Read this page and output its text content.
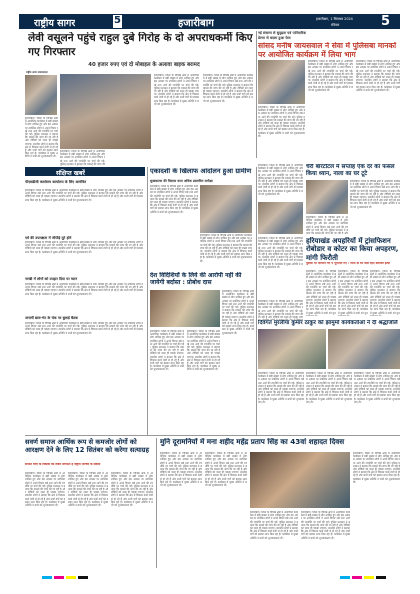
राष्ट्रीय सागर	5	हजारीबाग	हजारीबाग, 1 सितम्बर 2024
रविवार	5
लेवी वसूलने पहुंचे राहुल दुबे गिरोह के दो अपराधकर्मी किए गए गिरफ्तार
40 हजार रुपए एवं दो मोबाइल के अलावा बाइक बरामद
नई संकल्प से सुदृढ़ता एवं पारिवारिक प्रेरणा से बदला हुआ फेस
सांसद मनीष जायसवाल ने सेवा में पुलिसबा मानकों पर आयोजित कार्यक्रम में लिया भाग
राष्ट्रीय सागर संवाददाता
हजारीबाग। जिला के विभिन्न क्षेत्रों में आयोजित कार्यक्रम में बड़ी संख्या में लोग शामिल हुए और इस अवसर पर उपस्थित लोगों ने अपने विचार रखे तथा आगे की रणनीति पर चर्चा की गई। पुलिस प्रशासन ने बताया कि मामले की जांच की जा रही है और दोषियों को जल्द ही पकड़ा जाएगा। स्थानीय लोगों ने बताया कि क्षेत्र में विकास कार्य तेजी से हो रहे हैं और सभी वर्गों को इसका लाभ मिल रहा है। कार्यक्रम में मुख्य अतिथि ने सभी को शुभकामनाएं दीं।
हजारीबाग। जिला के विभिन्न क्षेत्रों में आयोजित कार्यक्रम में बड़ी संख्या में लोग शामिल हुए और इस अवसर पर उपस्थित लोगों ने अपने विचार रखे तथा आगे की रणनीति पर चर्चा की गई। पुलिस प्रशासन ने बताया कि मामले की जांच की
हजारीबाग। जिला के विभिन्न क्षेत्रों में आयोजित कार्यक्रम में बड़ी संख्या में लोग शामिल हुए और इस अवसर पर उपस्थित लोगों ने अपने विचार रखे तथा आगे की रणनीति पर चर्चा की गई। पुलिस प्रशासन ने बताया कि मामले की जांच की जा रही है और दोषियों को जल्द ही पकड़ा जाएगा। स्थानीय लोगों ने बताया कि क्षेत्र में विकास कार्य तेजी से हो रहे हैं और सभी वर्गों को इसका लाभ मिल रहा है। कार्यक्रम में मुख्य अतिथि ने सभी को शुभकामनाएं दीं।
हजारीबाग। जिला के विभिन्न क्षेत्रों में आयोजित कार्यक्रम में बड़ी संख्या में लोग शामिल हुए और इस अवसर पर उपस्थित लोगों ने अपने विचार रखे तथा आगे की रणनीति पर चर्चा की गई। पुलिस प्रशासन ने बताया कि मामले की जांच की जा रही है और दोषियों को जल्द ही पकड़ा जाएगा। स्थानीय लोगों ने बताया कि क्षेत्र में विकास कार्य तेजी से हो रहे हैं और सभी वर्गों को इसका लाभ मिल रहा है। कार्यक्रम में मुख्य अतिथि ने सभी को शुभकामनाएं दीं।
हजारीबाग। जिला के विभिन्न क्षेत्रों में आयोजित कार्यक्रम में बड़ी संख्या में लोग शामिल हुए और इस अवसर पर उपस्थित लोगों ने अपने विचार रखे तथा आगे की रणनीति पर चर्चा की गई। पुलिस प्रशासन ने बताया कि मामले की जांच की जा रही है और दोषियों को जल्द ही पकड़ा जाएगा। स्थानीय लोगों ने बताया कि क्षेत्र में विकास कार्य तेजी से हो रहे हैं और सभी वर्गों को इसका लाभ मिल रहा है। कार्यक्रम में मुख्य अतिथि ने सभी को शुभकामनाएं दीं।
हजारीबाग। जिला के विभिन्न क्षेत्रों में आयोजित कार्यक्रम में बड़ी संख्या में लोग शामिल हुए और इस अवसर पर उपस्थित लोगों ने अपने विचार रखे तथा आगे की रणनीति पर चर्चा की गई। पुलिस प्रशासन ने बताया कि मामले की जांच की जा रही है और दोषियों को जल्द ही पकड़ा जाएगा। स्थानीय लोगों ने बताया कि क्षेत्र में विकास कार्य तेजी से हो रहे हैं और सभी वर्गों को इसका लाभ मिल रहा है। कार्यक्रम में मुख्य अतिथि ने सभी को शुभकामनाएं दीं।
हजारीबाग। जिला के विभिन्न क्षेत्रों में आयोजित कार्यक्रम में बड़ी संख्या में लोग शामिल हुए और इस अवसर पर उपस्थित लोगों ने अपने विचार रखे तथा आगे की रणनीति पर चर्चा की गई। पुलिस प्रशासन ने बताया कि मामले की जांच की जा रही है और दोषियों को जल्द ही पकड़ा जाएगा। स्थानीय लोगों ने बताया कि क्षेत्र में विकास कार्य तेजी से हो रहे हैं और सभी वर्गों को इसका लाभ मिल रहा है। कार्यक्रम में मुख्य अतिथि ने सभी को शुभकामनाएं दीं।
संक्षिप्त खबरें
पीएसडीसी कार्यालय कार्यालय के लिए आमंत्रित
हजारीबाग। जिला के विभिन्न क्षेत्रों में आयोजित कार्यक्रम में बड़ी संख्या में लोग शामिल हुए और इस अवसर पर उपस्थित लोगों ने अपने विचार रखे तथा आगे की रणनीति पर चर्चा की गई। पुलिस प्रशासन ने बताया कि मामले की जांच की जा रही है और दोषियों को जल्द ही पकड़ा जाएगा। स्थानीय लोगों ने बताया कि क्षेत्र में विकास कार्य तेजी से हो रहे हैं और सभी वर्गों को इसका लाभ मिल रहा है। कार्यक्रम में मुख्य अतिथि ने सभी को शुभकामनाएं दीं।
पर्व की उपलक्षता में जीपीई तूटे होने
हजारीबाग। जिला के विभिन्न क्षेत्रों में आयोजित कार्यक्रम में बड़ी संख्या में लोग शामिल हुए और इस अवसर पर उपस्थित लोगों ने अपने विचार रखे तथा आगे की रणनीति पर चर्चा की गई। पुलिस प्रशासन ने बताया कि मामले की जांच की जा रही है और दोषियों को जल्द ही पकड़ा जाएगा। स्थानीय लोगों ने बताया कि क्षेत्र में विकास कार्य तेजी से हो रहे हैं और सभी वर्गों को इसका लाभ मिल रहा है। कार्यक्रम में मुख्य अतिथि ने सभी को शुभकामनाएं दीं।
नरखी में लोगों को उपहार दिया पर ध्यान
हजारीबाग। जिला के विभिन्न क्षेत्रों में आयोजित कार्यक्रम में बड़ी संख्या में लोग शामिल हुए और इस अवसर पर उपस्थित लोगों ने अपने विचार रखे तथा आगे की रणनीति पर चर्चा की गई। पुलिस प्रशासन ने बताया कि मामले की जांच की जा रही है और दोषियों को जल्द ही पकड़ा जाएगा। स्थानीय लोगों ने बताया कि क्षेत्र में विकास कार्य तेजी से हो रहे हैं और सभी वर्गों को इसका लाभ मिल रहा है। कार्यक्रम में मुख्य अतिथि ने सभी को शुभकामनाएं दीं।
अनामी छात्र-भेट के चेक पर बुलाई बैठक
हजारीबाग। जिला के विभिन्न क्षेत्रों में आयोजित कार्यक्रम में बड़ी संख्या में लोग शामिल हुए और इस अवसर पर उपस्थित लोगों ने अपने विचार रखे तथा आगे की रणनीति पर चर्चा की गई। पुलिस प्रशासन ने बताया कि मामले की जांच की जा रही है और दोषियों को जल्द ही पकड़ा जाएगा। स्थानीय लोगों ने बताया कि क्षेत्र में विकास कार्य तेजी से हो रहे हैं और सभी वर्गों को इसका लाभ मिल रहा है। कार्यक्रम में मुख्य अतिथि ने सभी को शुभकामनाएं दीं।
एकादशी के खिलाफ आंदोलन हुआ ग्रामीण
सुखकारक की विकास काम अधिक प्रस्तावित समीक्षा
हजारीबाग। जिला के विभिन्न क्षेत्रों में आयोजित कार्यक्रम में बड़ी संख्या में लोग शामिल हुए और इस अवसर पर उपस्थित लोगों ने अपने विचार रखे तथा आगे की रणनीति पर चर्चा की गई। पुलिस प्रशासन ने बताया कि मामले की जांच की जा रही है और दोषियों को जल्द ही पकड़ा जाएगा। स्थानीय लोगों ने बताया कि क्षेत्र में विकास कार्य तेजी से हो रहे हैं और सभी वर्गों को इसका लाभ मिल रहा है। कार्यक्रम में मुख्य अतिथि ने सभी को शुभकामनाएं दीं।
हजारीबाग। जिला के विभिन्न क्षेत्रों में आयोजित कार्यक्रम में बड़ी संख्या में लोग शामिल हुए और इस अवसर पर उपस्थित लोगों ने अपने विचार रखे तथा आगे की रणनीति पर चर्चा की गई। पुलिस प्रशासन ने बताया कि मामले की जांच की जा रही है और दोषियों को जल्द ही पकड़ा जाएगा। स्थानीय लोगों ने बताया कि क्षेत्र में विकास कार्य तेजी से हो रहे हैं और सभी वर्गों को इसका लाभ मिल रहा है। कार्यक्रम में मुख्य अतिथि ने सभी को शुभकामनाएं दीं।
देश विदिशियों के लिये की आरोपी नहीं की जायेगी बर्दास्त : प्रोबोध दास
हजारीबाग। जिला के विभिन्न क्षेत्रों में आयोजित कार्यक्रम में बड़ी संख्या में लोग शामिल हुए और इस अवसर पर उपस्थित लोगों ने अपने विचार रखे तथा आगे की रणनीति पर चर्चा की गई। पुलिस प्रशासन ने बताया कि मामले की जांच की जा रही है और दोषियों को जल्द ही पकड़ा जाएगा। स्थानीय लोगों ने बताया कि क्षेत्र में विकास कार्य तेजी से हो रहे हैं और सभी वर्गों को इसका लाभ मिल रहा है। कार्यक्रम में मुख्य अतिथि ने सभी को शुभकामनाएं दीं।
हजारीबाग। जिला के विभिन्न क्षेत्रों में आयोजित कार्यक्रम में बड़ी संख्या में लोग शामिल हुए और इस अवसर पर उपस्थित लोगों ने अपने विचार रखे तथा आगे की रणनीति पर चर्चा की गई। पुलिस प्रशासन ने बताया कि मामले की जांच की जा रही है और दोषियों को जल्द ही पकड़ा जाएगा। स्थानीय लोगों ने बताया कि क्षेत्र में विकास कार्य तेजी से हो रहे हैं और सभी वर्गों को इसका लाभ मिल रहा है। कार्यक्रम में मुख्य अतिथि ने सभी को शुभकामनाएं दीं।
हजारीबाग। जिला के विभिन्न क्षेत्रों में आयोजित कार्यक्रम में बड़ी संख्या में लोग शामिल हुए और इस अवसर पर उपस्थित लोगों ने अपने विचार रखे तथा आगे की रणनीति पर चर्चा की गई। पुलिस प्रशासन ने बताया कि मामले की जांच की जा रही है और दोषियों को जल्द ही पकड़ा जाएगा। स्थानीय लोगों ने बताया कि क्षेत्र में विकास कार्य तेजी से हो रहे हैं और सभी वर्गों को इसका लाभ मिल रहा है। कार्यक्रम में मुख्य अतिथि ने सभी को शुभकामनाएं दीं।
हजारीबाग। जिला के विभिन्न क्षेत्रों में आयोजित कार्यक्रम में बड़ी संख्या में लोग शामिल हुए और इस अवसर पर उपस्थित लोगों ने अपने विचार रखे तथा आगे की रणनीति पर चर्चा की गई। पुलिस प्रशासन ने बताया कि मामले की जांच की जा रही है और दोषियों को जल्द ही पकड़ा जाएगा। स्थानीय लोगों ने बताया कि क्षेत्र में विकास कार्य तेजी से हो रहे हैं और सभी वर्गों को इसका लाभ मिल रहा है। कार्यक्रम में मुख्य अतिथि ने सभी को शुभकामनाएं दीं।
चेरी बारटोटल में सप्ताह ऐक दर का फसल किया ध्यान, नाला का घर टूटे
हजारीबाग। जिला के विभिन्न क्षेत्रों में आयोजित कार्यक्रम में बड़ी संख्या में लोग शामिल हुए और इस अवसर पर उपस्थित लोगों ने अपने विचार रखे तथा आगे की रणनीति पर चर्चा की गई। पुलिस प्रशासन ने बताया कि मामले की जांच की जा रही है और दोषियों को जल्द ही पकड़ा जाएगा। स्थानीय लोगों ने बताया कि क्षेत्र में विकास कार्य तेजी से हो रहे हैं और सभी वर्गों को इसका लाभ मिल रहा है। कार्यक्रम में मुख्य अतिथि ने सभी को शुभकामनाएं दीं।
हजारीबाग। जिला के विभिन्न क्षेत्रों में आयोजित कार्यक्रम में बड़ी संख्या में लोग शामिल हुए और इस अवसर पर उपस्थित लोगों ने अपने विचार रखे तथा आगे की रणनीति पर चर्चा की गई। पुलिस प्रशासन ने बताया कि मामले की जांच की जा रही है और
हरियाखंड अपहरियों में ट्रांसफिशन रोबोडार व कोटर का किया अपहरण, मांगी फिरौती
पुलिस भी परिजन गए पे भुगतान गए : रमेश के घर वाले रहत कराकर हत्या
हजारीबाग। जिला के विभिन्न क्षेत्रों में आयोजित कार्यक्रम में बड़ी संख्या में लोग शामिल हुए और इस अवसर पर उपस्थित लोगों ने अपने विचार रखे तथा आगे की रणनीति पर चर्चा की गई। पुलिस प्रशासन ने बताया कि मामले की जांच की जा रही है और दोषियों को जल्द ही पकड़ा जाएगा। स्थानीय लोगों ने बताया कि क्षेत्र में विकास कार्य तेजी से हो रहे हैं और सभी वर्गों को इसका लाभ मिल रहा है। कार्यक्रम में मुख्य अतिथि ने सभी को शुभकामनाएं दीं।
हजारीबाग। जिला के विभिन्न क्षेत्रों में आयोजित कार्यक्रम में बड़ी संख्या में लोग शामिल हुए और इस अवसर पर उपस्थित लोगों ने अपने विचार रखे तथा आगे की रणनीति पर चर्चा की गई। पुलिस प्रशासन ने बताया कि मामले की जांच की जा रही है और दोषियों को जल्द ही पकड़ा जाएगा। स्थानीय लोगों ने बताया कि क्षेत्र में विकास कार्य तेजी से हो रहे हैं और सभी वर्गों को इसका लाभ मिल रहा है। कार्यक्रम में मुख्य अतिथि ने सभी को शुभ
हजारीबाग। जिला के विभिन्न क्षेत्रों में आयोजित कार्यक्रम में बड़ी संख्या में लोग शामिल हुए और इस अवसर पर उपस्थित लोगों ने अपने विचार रखे तथा आगे की रणनीति पर चर्चा की गई। पुलिस प्रशासन ने बताया कि मामले की जांच की जा रही है और दोषियों को जल्द ही पकड़ा जाएगा। स्थानीय लोगों ने बताया कि क्षेत्र में विकास कार्य तेजी से हो रहे हैं और सभी वर्गों को इसका लाभ मिल रहा है। कार्यक्रम में मुख्य अतिथि ने सभी को शुभ
हजारीबाग। जिला के विभिन्न क्षेत्रों में आयोजित कार्यक्रम में बड़ी संख्या में लोग शामिल हुए और इस अवसर पर उपस्थित लोगों ने अपने विचार रखे तथा आगे की रणनीति पर चर्चा की गई। पुलिस प्रशासन ने बताया कि मामले की जांच की जा रही है और दोषियों को जल्द ही पकड़ा जाएगा। स्थानीय लोगों ने बताया कि क्षेत्र में विकास कार्य तेजी से हो रहे हैं और सभी वर्गों को इसका लाभ मिल रहा है। कार्यक्रम में मुख्य अतिथि ने सभी को शुभ
हजारीबाग। जिला के विभिन्न क्षेत्रों में आयोजित कार्यक्रम में बड़ी संख्या में लोग शामिल हुए और इस अवसर पर उपस्थित लोगों ने अपने विचार रखे तथा आगे की रणनीति पर चर्चा की गई। पुलिस प्रशासन ने बताया कि मामले की जांच की जा रही है और दोषियों को जल्द ही पकड़ा जाए
दिवंगत मुरलीया कुमार ठाकुर को झामुमो कार्यकर्ताओं ने दी श्रद्धांजलि
हजारीबाग। जिला के विभिन्न क्षेत्रों में आयोजित कार्यक्रम में बड़ी संख्या में लोग शामिल हुए और इस अवसर पर उपस्थित लोगों ने अपने विचार रखे तथा आगे की रणनीति पर चर्चा की गई। पुलिस प्रशासन ने बताया कि मामले की जांच की जा रही है और दोषियों को जल्द ही पकड़ा जाएगा। स्थानीय लोगों ने बताया कि क्षेत्र में विकास कार्य तेजी से हो रहे हैं और सभी वर्गों को इसका लाभ मिल रहा है। कार्यक्रम में मुख्य अतिथि ने सभी को शुभकामनाएं दीं।
हजारीबाग। जिला के विभिन्न क्षेत्रों में आयोजित कार्यक्रम में बड़ी संख्या में लोग शामिल हुए और इस अवसर पर उपस्थित लोगों ने अपने विचार रखे तथा आगे की रणनीति पर चर्चा की गई। पुलिस प्रशासन ने बताया कि मामले की जांच की जा रही है और दोषियों को जल्द ही पकड़ा जाएगा। स्थानीय लोगों ने बताया कि क्षेत्र में विकास कार्य तेजी से हो रहे हैं और सभी वर्गों को इसका लाभ मिल रहा है। कार्यक्रम में मुख्य अतिथि ने सभी को शुभकामनाएं दीं।
हजारीबाग। जिला के विभिन्न क्षेत्रों में आयोजित कार्यक्रम में बड़ी संख्या में लोग शामिल हुए और इस अवसर पर उपस्थित लोगों ने अपने विचार रखे तथा आगे की रणनीति पर चर्चा की गई। पुलिस प्रशासन ने बताया कि मामले की जांच की जा रही है और दोषियों को जल्द ही पकड़ा जाएगा। स्थानीय लोगों ने बताया कि क्षेत्र में विकास कार्य तेजी से हो रहे हैं और सभी वर्गों को इसका लाभ मिल रहा है। कार्यक्रम में मुख्य अतिथि ने सभी को शुभकामनाएं दीं।
सवर्ण समाज आर्थिक रूप से कमजोर लोगों को आरक्षण देने के लिए 12 सितंबर को करेगा सत्याग्रह
समस्त वर्णों के विकास को लेकर संगठित हैं राष्ट्रीय परिषद के सदस्य
हजारीबाग। जिला के विभिन्न क्षेत्रों में आयोजित कार्यक्रम में बड़ी संख्या में लोग शामिल हुए और इस अवसर पर उपस्थित लोगों ने अपने विचार रखे तथा आगे की रणनीति पर चर्चा की गई। पुलिस प्रशासन ने बताया कि मामले की जांच की जा रही है और दोषियों को जल्द ही पकड़ा जाएगा। स्थानीय लोगों ने बताया कि क्षेत्र में विकास कार्य तेजी से हो रहे हैं और सभी वर्गों को इसका लाभ मिल रहा है। कार्यक्रम में मुख्य अतिथि ने सभी को शुभकामनाएं दीं।
हजारीबाग। जिला के विभिन्न क्षेत्रों में आयोजित कार्यक्रम में बड़ी संख्या में लोग शामिल हुए और इस अवसर पर उपस्थित लोगों ने अपने विचार रखे तथा आगे की रणनीति पर चर्चा की गई। पुलिस प्रशासन ने बताया कि मामले की जांच की जा रही है और दोषियों को जल्द ही पकड़ा जाएगा। स्थानीय लोगों ने बताया कि क्षेत्र में विकास कार्य तेजी से हो रहे हैं और सभी वर्गों को इसका लाभ मिल रहा है। कार्यक्रम में मुख्य अतिथि ने सभी को शुभकामनाएं दीं।
हजारीबाग। जिला के विभिन्न क्षेत्रों में आयोजित कार्यक्रम में बड़ी संख्या में लोग शामिल हुए और इस अवसर पर उपस्थित लोगों ने अपने विचार रखे तथा आगे की रणनीति पर चर्चा की गई। पुलिस प्रशासन ने बताया कि मामले की जांच की जा रही है और दोषियों को जल्द ही पकड़ा जाएगा। स्थानीय लोगों ने बताया कि क्षेत्र में विकास कार्य तेजी से हो रहे हैं और सभी वर्गों को इसका लाभ मिल रहा है। कार्यक्रम में मुख्य अतिथि ने सभी को शुभकामनाएं दीं।
मुनि दूरामनियों में मना शहीद महेंद्र प्रताप सिंह का 43वां शहादत दिवस
हजारीबाग। जिला के विभिन्न क्षेत्रों में आयोजित कार्यक्रम में बड़ी संख्या में लोग शामिल हुए और इस अवसर पर उपस्थित लोगों ने अपने विचार रखे तथा आगे की रणनीति पर चर्चा की गई। पुलिस प्रशासन ने बताया कि मामले की जांच की जा रही है और दोषियों को जल्द ही पकड़ा जाएगा। स्थानीय लोगों ने बताया कि क्षेत्र में विकास कार्य तेजी से हो रहे हैं और सभी वर्गों को इसका लाभ मिल रहा है। कार्यक्रम में मुख्य अतिथि ने सभी को शुभकामनाएं दीं।
हजारीबाग। जिला के विभिन्न क्षेत्रों में आयोजित कार्यक्रम में बड़ी संख्या में लोग शामिल हुए और इस अवसर पर उपस्थित लोगों ने अपने विचार रखे तथा आगे की रणनीति पर चर्चा की गई। पुलिस प्रशासन ने बताया कि मामले की जांच की जा रही है और दोषियों को जल्द ही पकड़ा जाएगा। स्थानीय लोगों ने बताया कि क्षेत्र में विकास कार्य तेजी से हो रहे हैं और सभी वर्गों को इसका लाभ मिल रहा है। कार्यक्रम में मुख्य अतिथि ने सभी को शुभकामनाएं दीं।
हजारीबाग। जिला के विभिन्न क्षेत्रों में आयोजित कार्यक्रम में बड़ी संख्या में लोग शामिल हुए और इस अवसर पर उपस्थित लोगों ने अपने विचार रखे तथा आगे की रणनीति पर चर्चा की गई। पुलिस प्रशासन ने बताया कि मामले की जांच की जा रही है और दोषियों को जल्द ही पकड़ा जाएगा। स्थानीय लोगों ने बताया कि क्षेत्र में विकास कार्य तेजी से हो रहे हैं और सभी वर्गों को इसका लाभ मिल रहा है। कार्यक्रम में मुख्य अतिथि ने सभी को शुभकामनाएं दीं।
हजारीबाग। जिला के विभिन्न क्षेत्रों में आयोजित कार्यक्रम में बड़ी संख्या में लोग शामिल हुए और इस अवसर पर उपस्थित लोगों ने अपने विचार रखे तथा आगे की रणनीति पर चर्चा की गई। पुलिस प्रशासन ने बताया कि मामले की जांच की जा रही है और दोषियों को जल्द ही पकड़ा जाएगा। स्थानीय लोगों ने बताया कि क्षेत्र में विकास कार्य तेजी से हो रहे हैं और सभी वर्गों को इसका लाभ मिल रहा है। कार्यक्रम में मुख्य अतिथि ने सभी को शुभकामनाएं दीं।
हजारीबाग। जिला के विभिन्न क्षेत्रों में आयोजित कार्यक्रम में बड़ी संख्या में लोग शामिल हुए और इस अवसर पर उपस्थित लोगों ने अपने विचार रखे तथा आगे की रणनीति पर चर्चा की गई। पुलिस प्रशासन ने बताया कि मामले की जांच की जा रही है और दोषियों को जल्द ही पकड़ा जाएगा। स्थानीय लोगों ने बताया कि क्षेत्र में विकास कार्य तेजी से हो रहे हैं और सभी वर्गों को इसका लाभ मिल रहा है। कार्यक्रम में मुख्य अतिथि ने सभी को शुभकामनाएं दीं।
